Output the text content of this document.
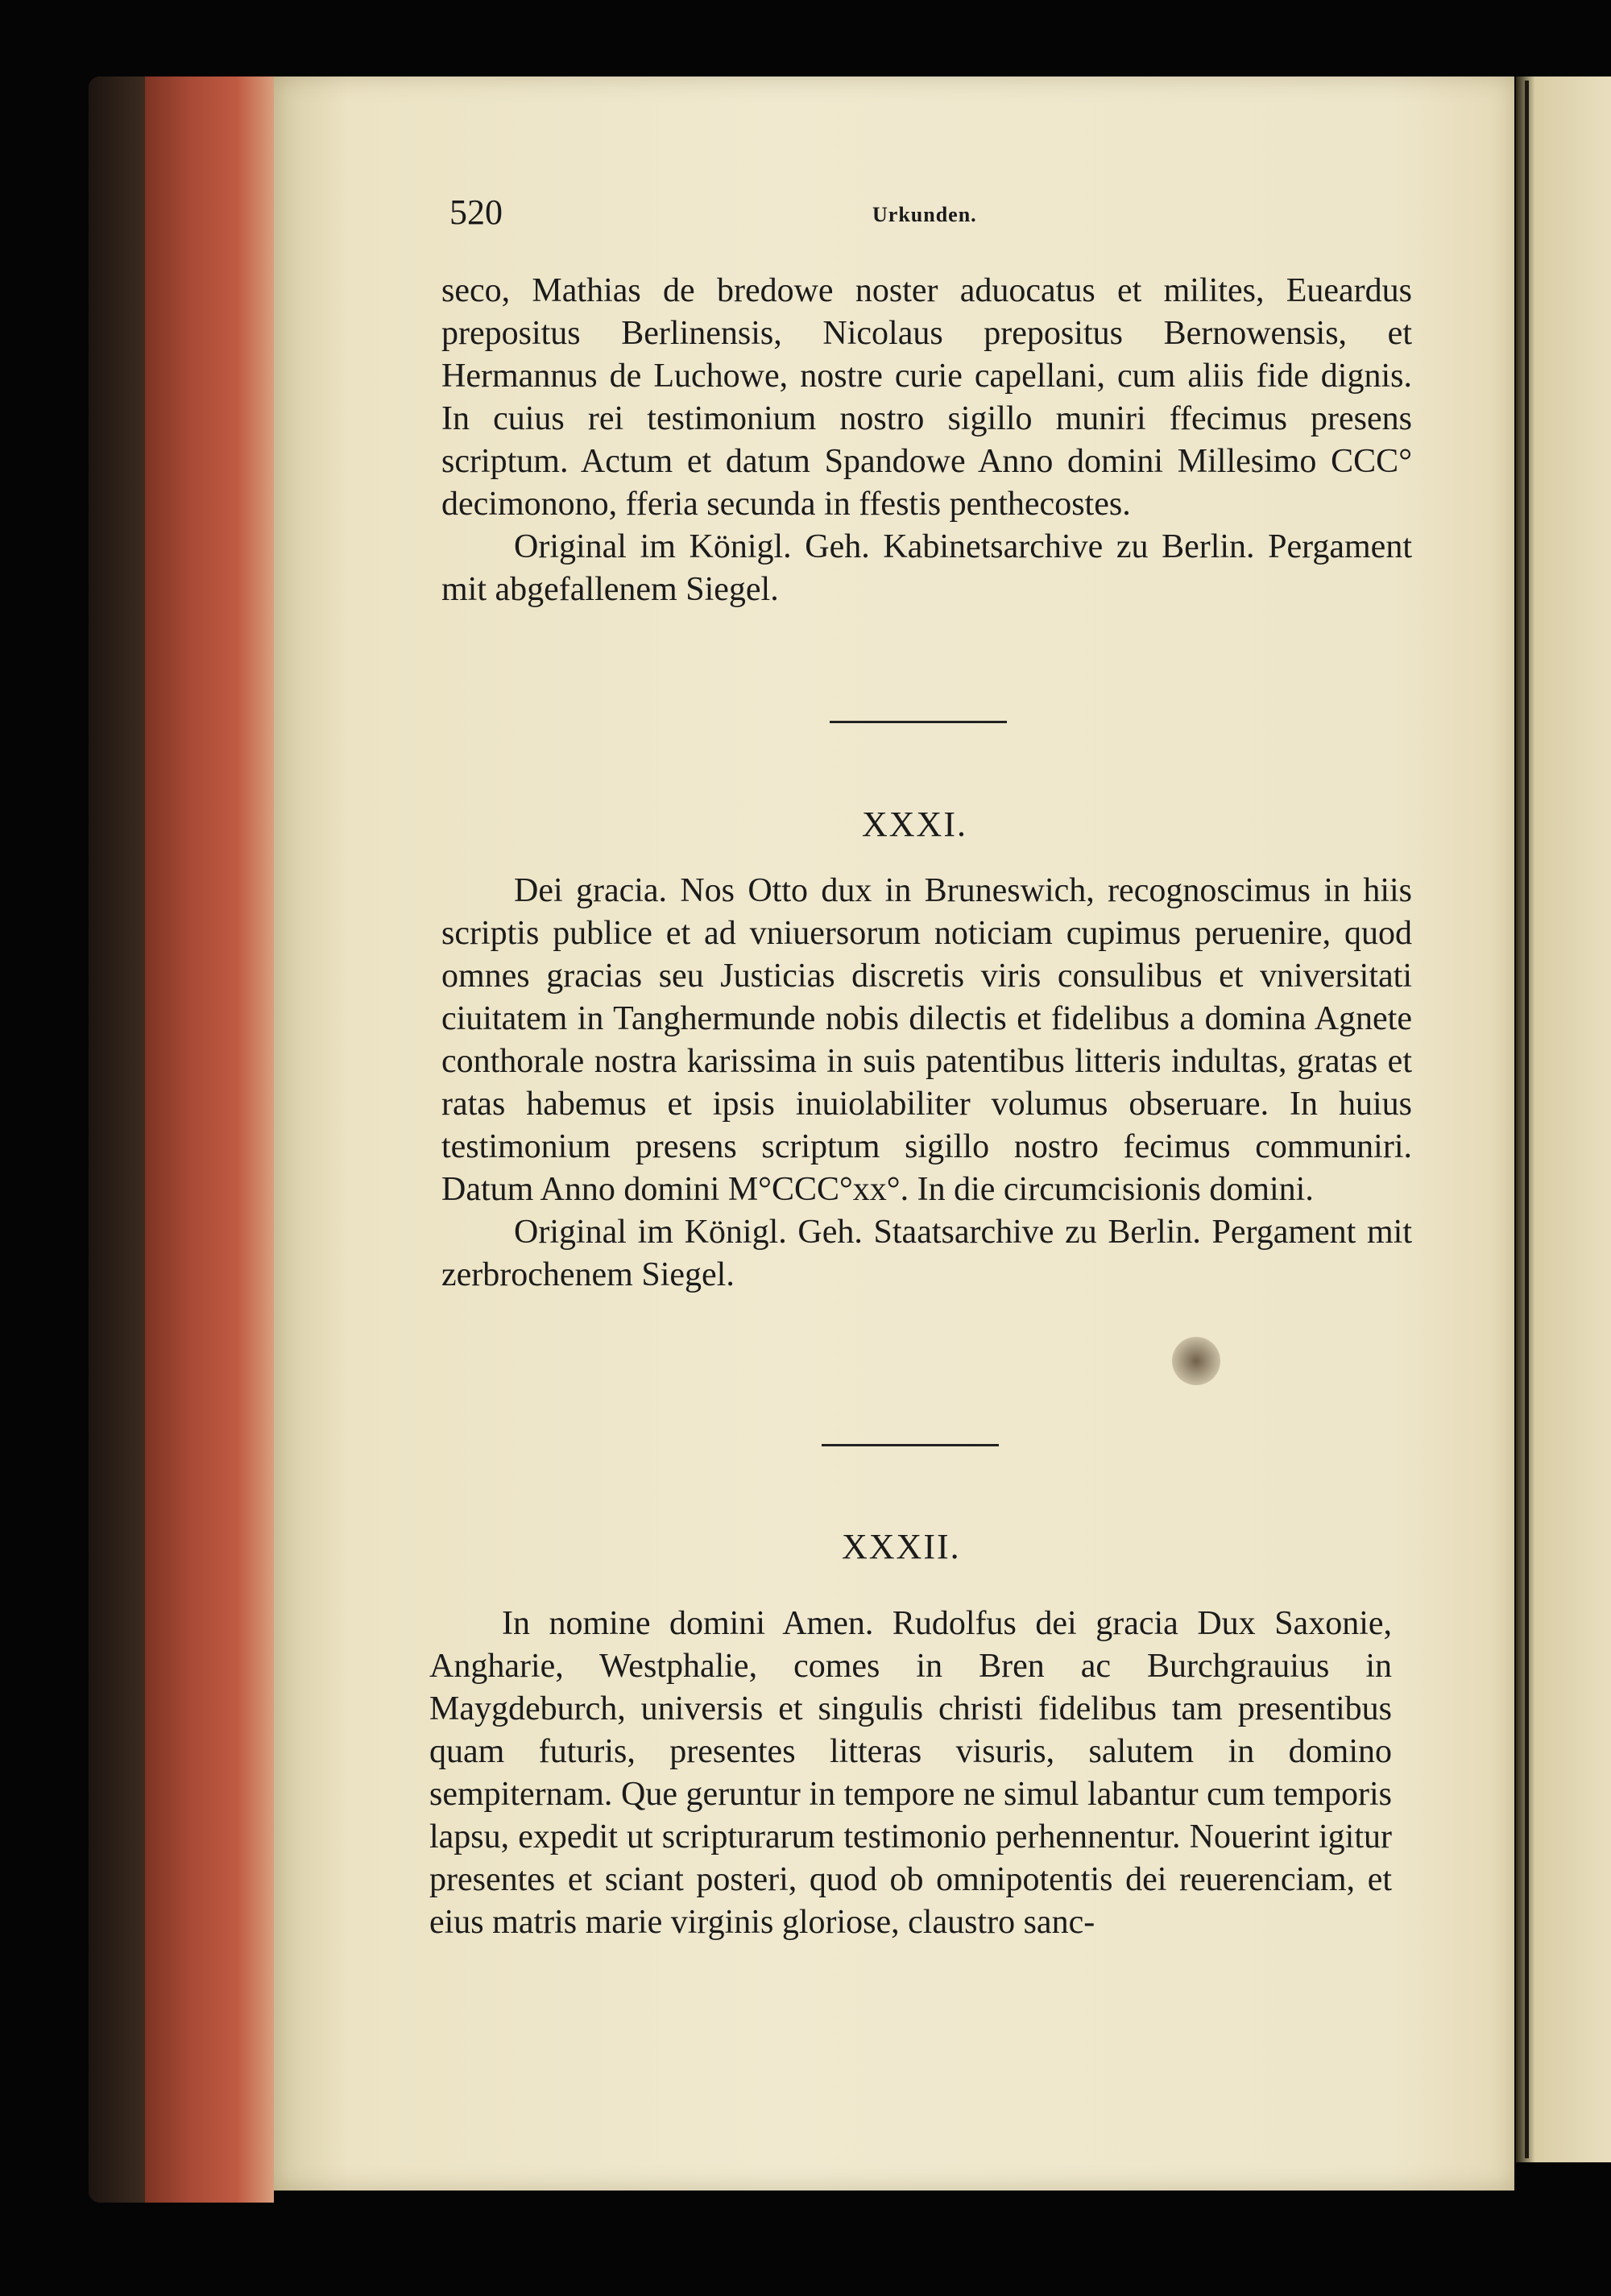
520	Urkunden.

seco, Mathias de bredowe noster aduocatus et milites, Eueardus prepositus Berlinensis, Nicolaus prepositus Bernowensis, et Hermannus de Luchowe, nostre curie capellani, cum aliis fide dignis. In cuius rei testimonium nostro sigillo muniri ffecimus presens scriptum. Actum et datum Spandowe Anno domini Millesimo CCC° decimonono, fferia secunda in ffestis penthecostes.

Original im Königl. Geh. Kabinetsarchive zu Berlin. Pergament mit abgefallenem Siegel.

XXXI.

Dei gracia. Nos Otto dux in Bruneswich, recognoscimus in hiis scriptis publice et ad vniuersorum noticiam cupimus peruenire, quod omnes gracias seu Justicias discretis viris consulibus et vniversitati ciuitatem in Tanghermunde nobis dilectis et fidelibus a domina Agnete conthorale nostra karissima in suis patentibus litteris indultas, gratas et ratas habemus et ipsis inuiolabiliter volumus obseruare. In huius testimonium presens scriptum sigillo nostro fecimus communiri. Datum Anno domini M°CCC°xx°. In die circumcisionis domini.

Original im Königl. Geh. Staatsarchive zu Berlin. Pergament mit zerbrochenem Siegel.

XXXII.

In nomine domini Amen. Rudolfus dei gracia Dux Saxonie, Angharie, Westphalie, comes in Bren ac Burchgrauius in Maygdeburch, universis et singulis christi fidelibus tam presentibus quam futuris, presentes litteras visuris, salutem in domino sempiternam. Que geruntur in tempore ne simul labantur cum temporis lapsu, expedit ut scripturarum testimonio perhennentur. Nouerint igitur presentes et sciant posteri, quod ob omnipotentis dei reuerenciam, et eius matris marie virginis gloriose, claustro sanc-
